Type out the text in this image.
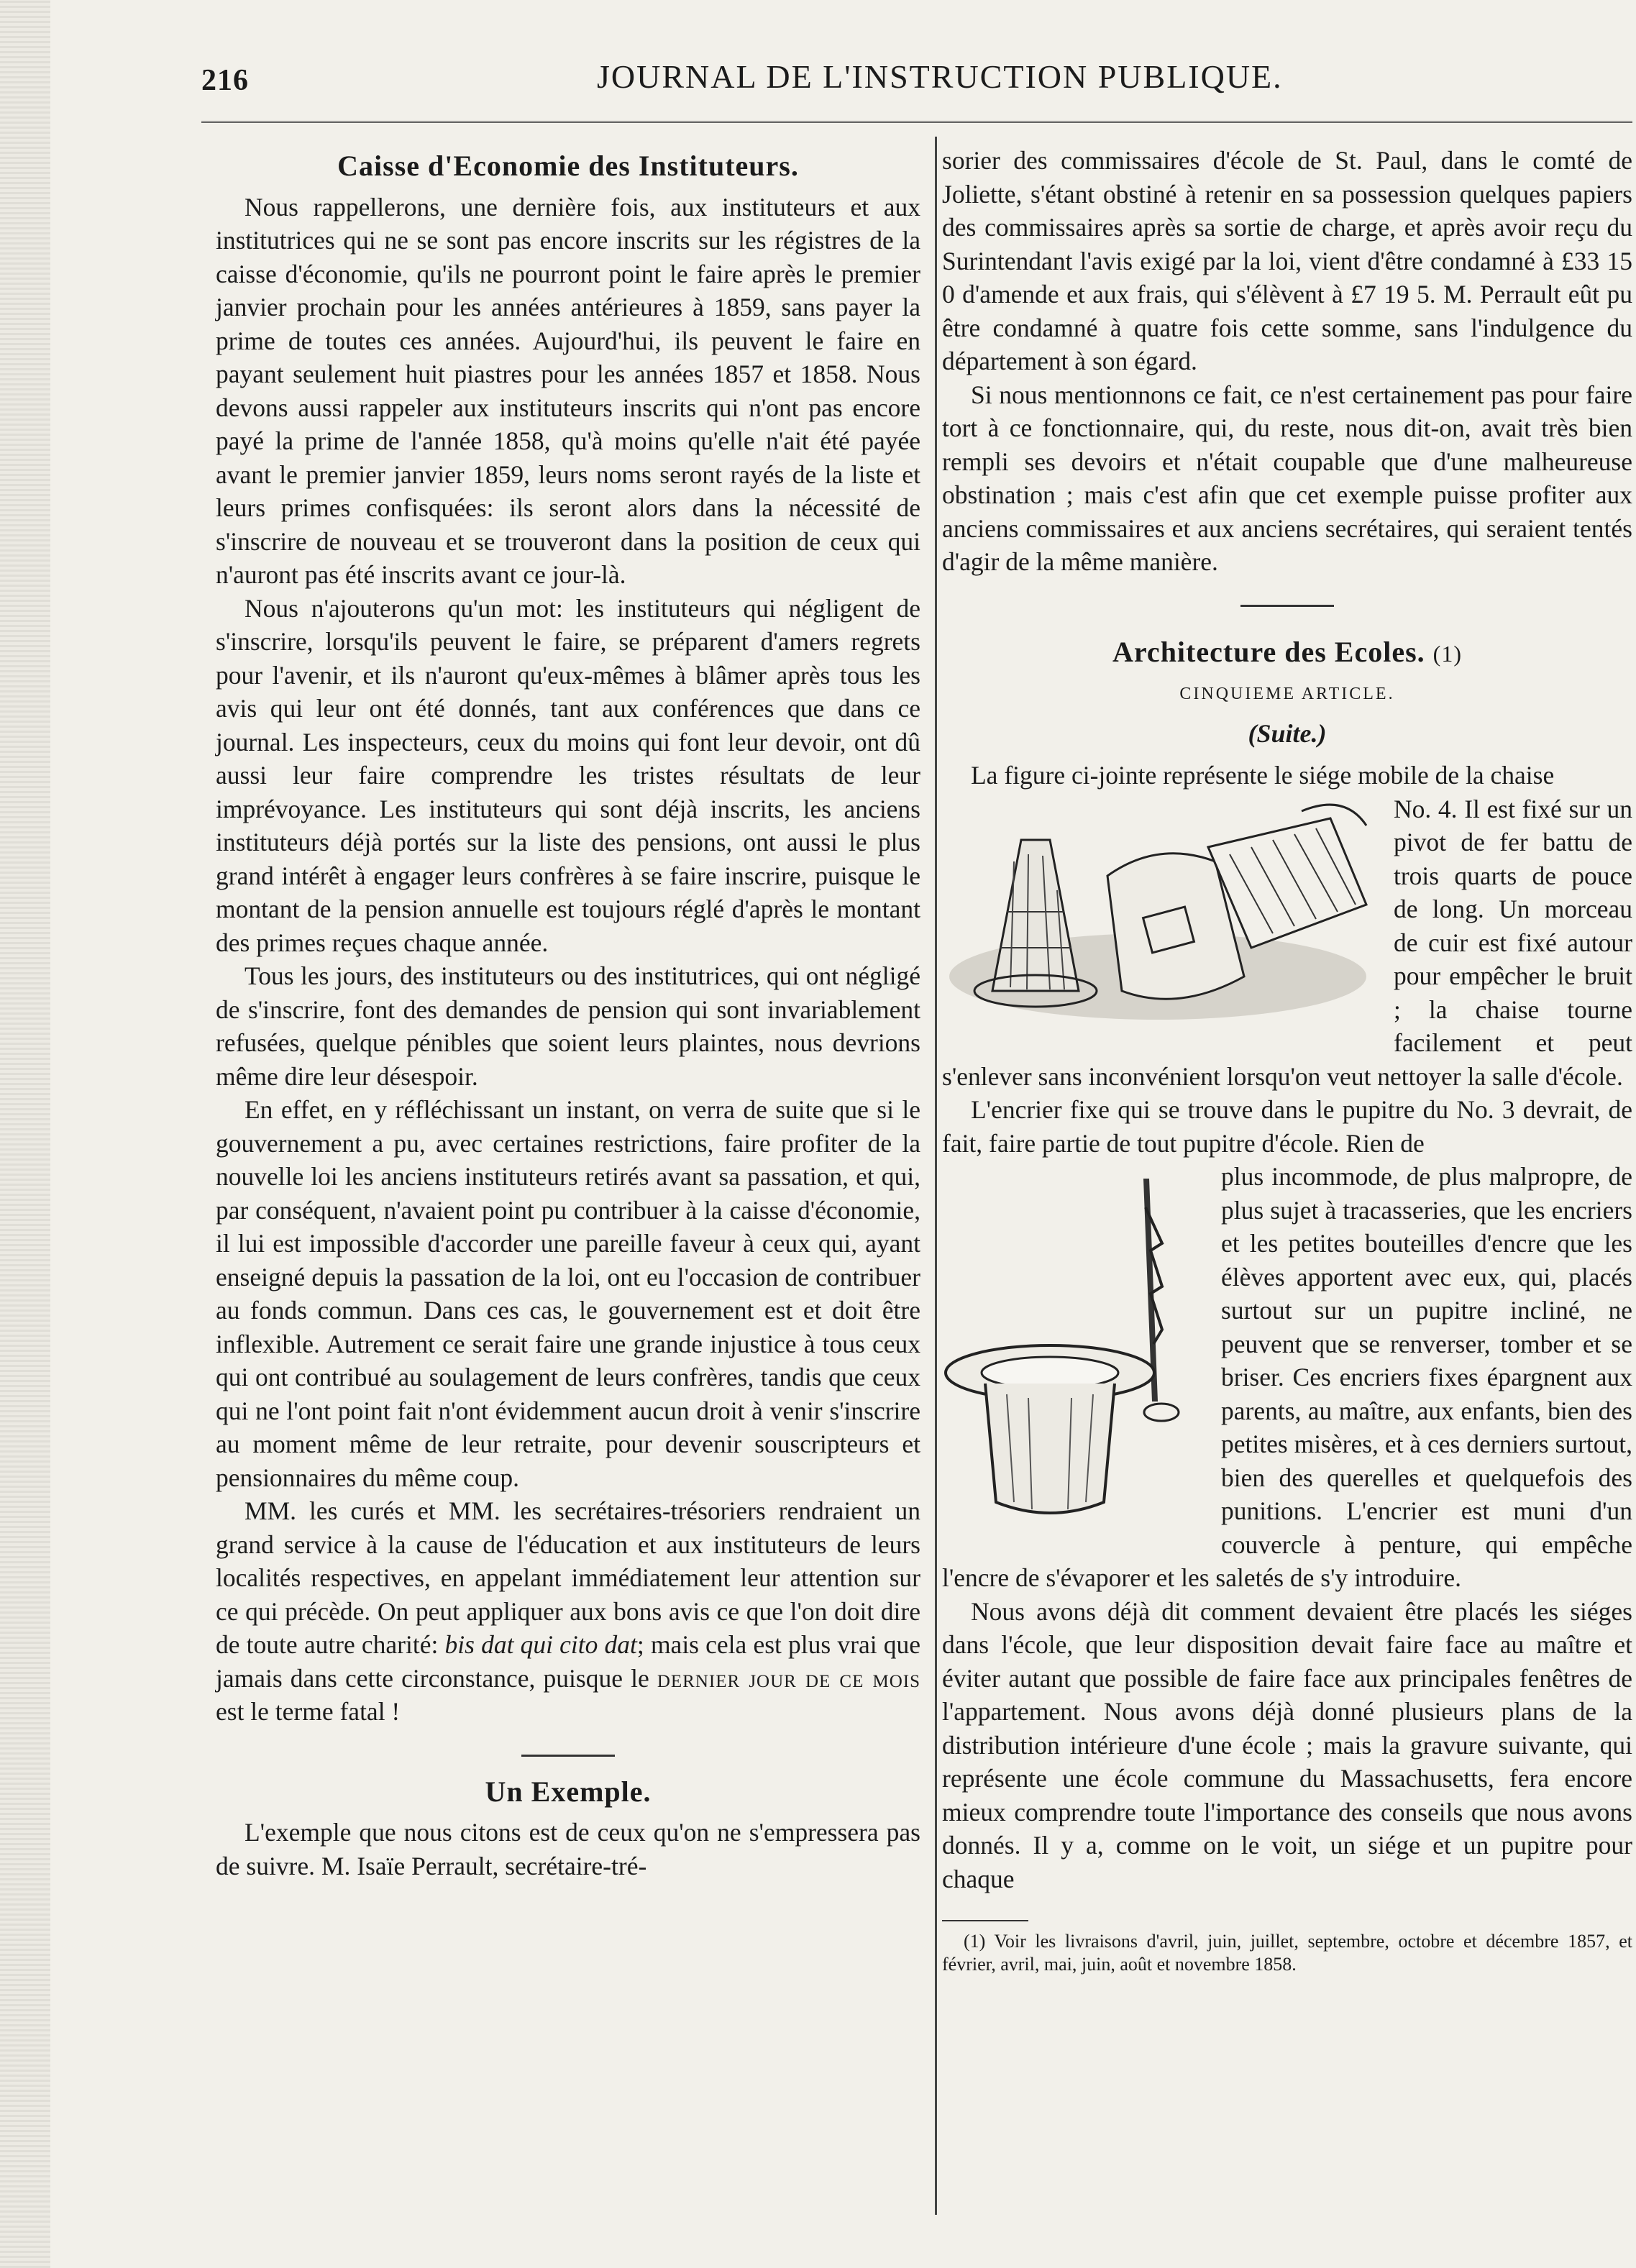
216	JOURNAL DE L'INSTRUCTION PUBLIQUE.
Caisse d'Economie des Instituteurs.

Nous rappellerons, une dernière fois, aux instituteurs et aux institutrices qui ne se sont pas encore inscrits sur les régistres de la caisse d'économie, qu'ils ne pourront point le faire après le premier janvier prochain pour les années antérieures à 1859, sans payer la prime de toutes ces années. Aujourd'hui, ils peuvent le faire en payant seulement huit piastres pour les années 1857 et 1858. Nous devons aussi rappeler aux instituteurs inscrits qui n'ont pas encore payé la prime de l'année 1858, qu'à moins qu'elle n'ait été payée avant le premier janvier 1859, leurs noms seront rayés de la liste et leurs primes confisquées: ils seront alors dans la nécessité de s'inscrire de nouveau et se trouveront dans la position de ceux qui n'auront pas été inscrits avant ce jour-là.

Nous n'ajouterons qu'un mot: les instituteurs qui négligent de s'inscrire, lorsqu'ils peuvent le faire, se préparent d'amers regrets pour l'avenir, et ils n'auront qu'eux-mêmes à blâmer après tous les avis qui leur ont été donnés, tant aux conférences que dans ce journal. Les inspecteurs, ceux du moins qui font leur devoir, ont dû aussi leur faire comprendre les tristes résultats de leur imprévoyance. Les instituteurs qui sont déjà inscrits, les anciens instituteurs déjà portés sur la liste des pensions, ont aussi le plus grand intérêt à engager leurs confrères à se faire inscrire, puisque le montant de la pension annuelle est toujours réglé d'après le montant des primes reçues chaque année.

Tous les jours, des instituteurs ou des institutrices, qui ont négligé de s'inscrire, font des demandes de pension qui sont invariablement refusées, quelque pénibles que soient leurs plaintes, nous devrions même dire leur désespoir.

En effet, en y réfléchissant un instant, on verra de suite que si le gouvernement a pu, avec certaines restrictions, faire profiter de la nouvelle loi les anciens instituteurs retirés avant sa passation, et qui, par conséquent, n'avaient point pu contribuer à la caisse d'économie, il lui est impossible d'accorder une pareille faveur à ceux qui, ayant enseigné depuis la passation de la loi, ont eu l'occasion de contribuer au fonds commun. Dans ces cas, le gouvernement est et doit être inflexible. Autrement ce serait faire une grande injustice à tous ceux qui ont contribué au soulagement de leurs confrères, tandis que ceux qui ne l'ont point fait n'ont évidemment aucun droit à venir s'inscrire au moment même de leur retraite, pour devenir souscripteurs et pensionnaires du même coup.

MM. les curés et MM. les secrétaires-trésoriers rendraient un grand service à la cause de l'éducation et aux instituteurs de leurs localités respectives, en appelant immédiatement leur attention sur ce qui précède. On peut appliquer aux bons avis ce que l'on doit dire de toute autre charité: bis dat qui cito dat; mais cela est plus vrai que jamais dans cette circonstance, puisque le dernier jour de ce mois est le terme fatal !

Un Exemple.

L'exemple que nous citons est de ceux qu'on ne s'empressera pas de suivre. M. Isaïe Perrault, secrétaire-tré-

sorier des commissaires d'école de St. Paul, dans le comté de Joliette, s'étant obstiné à retenir en sa possession quelques papiers des commissaires après sa sortie de charge, et après avoir reçu du Surintendant l'avis exigé par la loi, vient d'être condamné à £33 15 0 d'amende et aux frais, qui s'élèvent à £7 19 5. M. Perrault eût pu être condamné à quatre fois cette somme, sans l'indulgence du département à son égard.

Si nous mentionnons ce fait, ce n'est certainement pas pour faire tort à ce fonctionnaire, qui, du reste, nous dit-on, avait très bien rempli ses devoirs et n'était coupable que d'une malheureuse obstination ; mais c'est afin que cet exemple puisse profiter aux anciens commissaires et aux anciens secrétaires, qui seraient tentés d'agir de la même manière.

Architecture des Ecoles. (1)
CINQUIEME ARTICLE.
(Suite.)

La figure ci-jointe représente le siége mobile de la chaise

No. 4. Il est fixé sur un pivot de fer battu de trois quarts de pouce de long. Un morceau de cuir est fixé autour pour empêcher le bruit ; la chaise tourne facilement et peut s'enlever sans inconvénient lorsqu'on veut nettoyer la salle d'école.

L'encrier fixe qui se trouve dans le pupitre du No. 3 devrait, de fait, faire partie de tout pupitre d'école. Rien de

plus incommode, de plus malpropre, de plus sujet à tracasseries, que les encriers et les petites bouteilles d'encre que les élèves apportent avec eux, qui, placés surtout sur un pupitre incliné, ne peuvent que se renverser, tomber et se briser. Ces encriers fixes épargnent aux parents, au maître, aux enfants, bien des petites misères, et à ces derniers surtout, bien des querelles et quelquefois des punitions. L'encrier est muni d'un couvercle à penture, qui empêche l'encre de s'évaporer et les saletés de s'y introduire.

Nous avons déjà dit comment devaient être placés les siéges dans l'école, que leur disposition devait faire face au maître et éviter autant que possible de faire face aux principales fenêtres de l'appartement. Nous avons déjà donné plusieurs plans de la distribution intérieure d'une école ; mais la gravure suivante, qui représente une école commune du Massachusetts, fera encore mieux comprendre toute l'importance des conseils que nous avons donnés. Il y a, comme on le voit, un siége et un pupitre pour chaque

(1) Voir les livraisons d'avril, juin, juillet, septembre, octobre et décembre 1857, et février, avril, mai, juin, août et novembre 1858.
